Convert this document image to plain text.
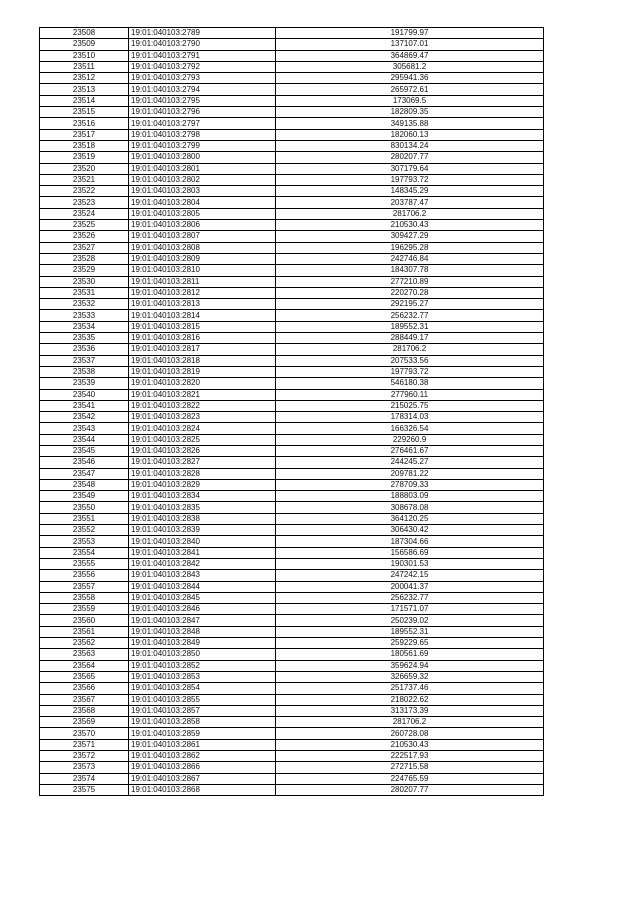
23508	19:01:040103:2789	191799.97
23509	19:01:040103:2790	137107.01
23510	19:01:040103:2791	364869.47
23511	19:01:040103:2792	305681.2
23512	19:01:040103:2793	295941.36
23513	19:01:040103:2794	265972.61
23514	19:01:040103:2795	173069.5
23515	19:01:040103:2796	182809.35
23516	19:01:040103:2797	349135.88
23517	19:01:040103:2798	182060.13
23518	19:01:040103:2799	830134.24
23519	19:01:040103:2800	280207.77
23520	19:01:040103:2801	307179.64
23521	19:01:040103:2802	197793.72
23522	19:01:040103:2803	148345.29
23523	19:01:040103:2804	203787.47
23524	19:01:040103:2805	281706.2
23525	19:01:040103:2806	210530.43
23526	19:01:040103:2807	309427.29
23527	19:01:040103:2808	196295.28
23528	19:01:040103:2809	242746.84
23529	19:01:040103:2810	184307.78
23530	19:01:040103:2811	277210.89
23531	19:01:040103:2812	220270.28
23532	19:01:040103:2813	292195.27
23533	19:01:040103:2814	256232.77
23534	19:01:040103:2815	189552.31
23535	19:01:040103:2816	288449.17
23536	19:01:040103:2817	281706.2
23537	19:01:040103:2818	207533.56
23538	19:01:040103:2819	197793.72
23539	19:01:040103:2820	546180.38
23540	19:01:040103:2821	277960.11
23541	19:01:040103:2822	215025.75
23542	19:01:040103:2823	178314.03
23543	19:01:040103:2824	166326.54
23544	19:01:040103:2825	229260.9
23545	19:01:040103:2826	276461.67
23546	19:01:040103:2827	244245.27
23547	19:01:040103:2828	209781.22
23548	19:01:040103:2829	278709.33
23549	19:01:040103:2834	188803.09
23550	19:01:040103:2835	308678.08
23551	19:01:040103:2838	364120.25
23552	19:01:040103:2839	306430.42
23553	19:01:040103:2840	187304.66
23554	19:01:040103:2841	156586.69
23555	19:01:040103:2842	190301.53
23556	19:01:040103:2843	247242.15
23557	19:01:040103:2844	200041.37
23558	19:01:040103:2845	256232.77
23559	19:01:040103:2846	171571.07
23560	19:01:040103:2847	250239.02
23561	19:01:040103:2848	189552.31
23562	19:01:040103:2849	259229.65
23563	19:01:040103:2850	180561.69
23564	19:01:040103:2852	359624.94
23565	19:01:040103:2853	326659.32
23566	19:01:040103:2854	251737.46
23567	19:01:040103:2855	218022.62
23568	19:01:040103:2857	313173.39
23569	19:01:040103:2858	281706.2
23570	19:01:040103:2859	260728.08
23571	19:01:040103:2861	210530.43
23572	19:01:040103:2862	222517.93
23573	19:01:040103:2866	272715.58
23574	19:01:040103:2867	224765.59
23575	19:01:040103:2868	280207.77
